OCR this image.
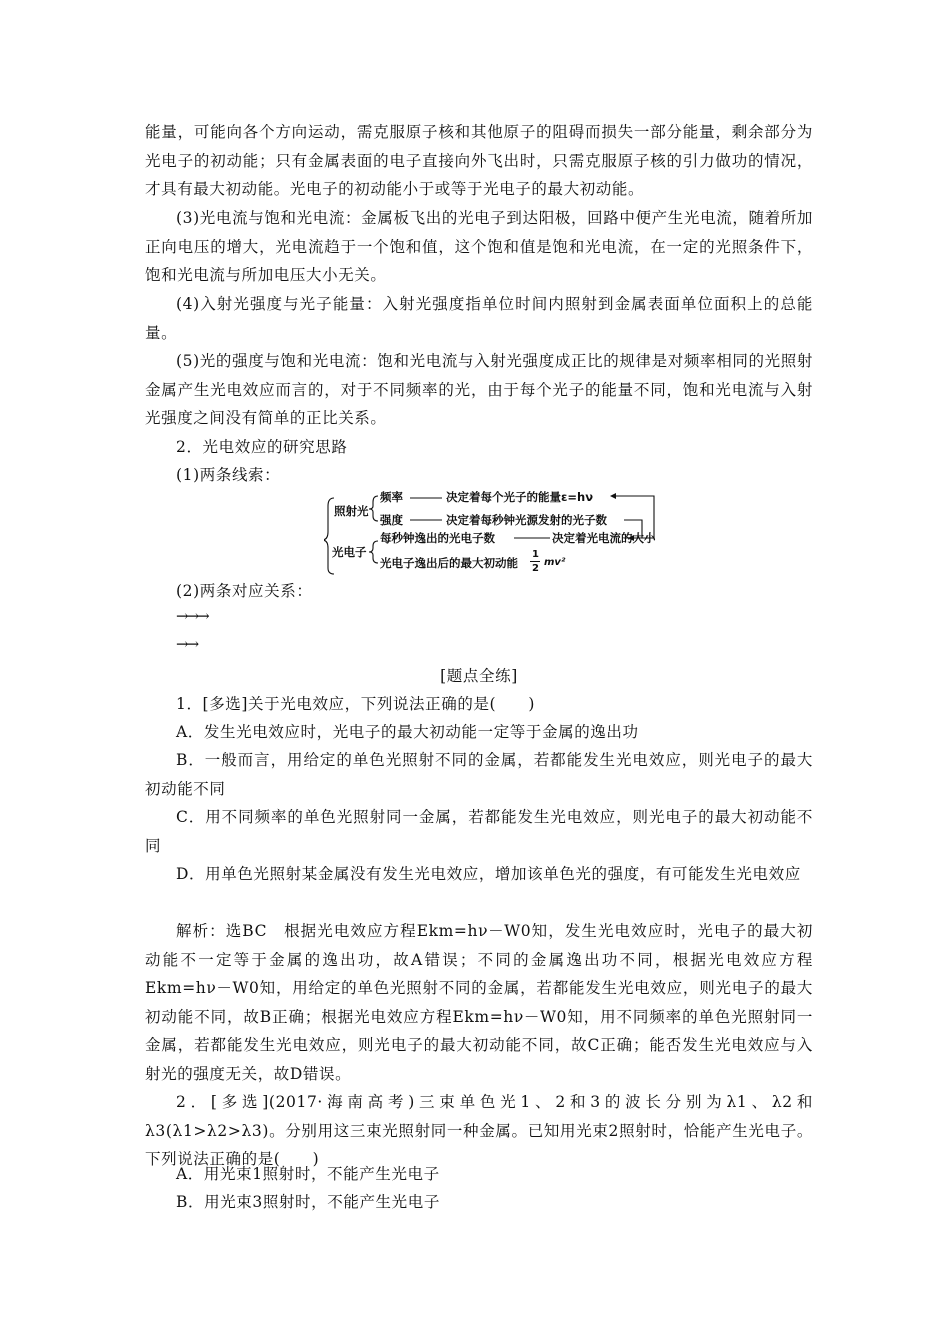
能量，可能向各个方向运动，需克服原子核和其他原子的阻碍而损失一部分能量，剩余部分为光电子的初动能；只有金属表面的电子直接向外飞出时，只需克服原子核的引力做功的情况，才具有最大初动能。光电子的初动能小于或等于光电子的最大初动能。

(3)光电流与饱和光电流：金属板飞出的光电子到达阳极，回路中便产生光电流，随着所加正向电压的增大，光电流趋于一个饱和值，这个饱和值是饱和光电流，在一定的光照条件下，饱和光电流与所加电压大小无关。

(4)入射光强度与光子能量：入射光强度指单位时间内照射到金属表面单位面积上的总能量。

(5)光的强度与饱和光电流：饱和光电流与入射光强度成正比的规律是对频率相同的光照射金属产生光电效应而言的，对于不同频率的光，由于每个光子的能量不同，饱和光电流与入射光强度之间没有简单的正比关系。

2．光电效应的研究思路

(1)两条线索：

照射光
光电子
频率	决定着每个光子的能量ε=hν
强度	决定着每秒钟光源发射的光子数
每秒钟逸出的光电子数	决定着光电流的大小
光电子逸出后的最大初动能
1
2
mv²

(2)两条对应关系：

→→→
→→

[题点全练]

1．[多选]关于光电效应，下列说法正确的是(　　)

A．发生光电效应时，光电子的最大初动能一定等于金属的逸出功

B．一般而言，用给定的单色光照射不同的金属，若都能发生光电效应，则光电子的最大初动能不同

C．用不同频率的单色光照射同一金属，若都能发生光电效应，则光电子的最大初动能不同

D．用单色光照射某金属没有发生光电效应，增加该单色光的强度，有可能发生光电效应

解析：选BC　根据光电效应方程Ekm=hν－W0知，发生光电效应时，光电子的最大初动能不一定等于金属的逸出功，故A错误；不同的金属逸出功不同，根据光电效应方程Ekm=hν－W0知，用给定的单色光照射不同的金属，若都能发生光电效应，则光电子的最大初动能不同，故B正确；根据光电效应方程Ekm=hν－W0知，用不同频率的单色光照射同一金属，若都能发生光电效应，则光电子的最大初动能不同，故C正确；能否发生光电效应与入射光的强度无关，故D错误。

2．[多选](2017·海南高考)三束单色光1、2和3的波长分别为λ1、λ2和λ3(λ1>λ2>λ3)。分别用这三束光照射同一种金属。已知用光束2照射时，恰能产生光电子。下列说法正确的是(　　)

A．用光束1照射时，不能产生光电子

B．用光束3照射时，不能产生光电子
